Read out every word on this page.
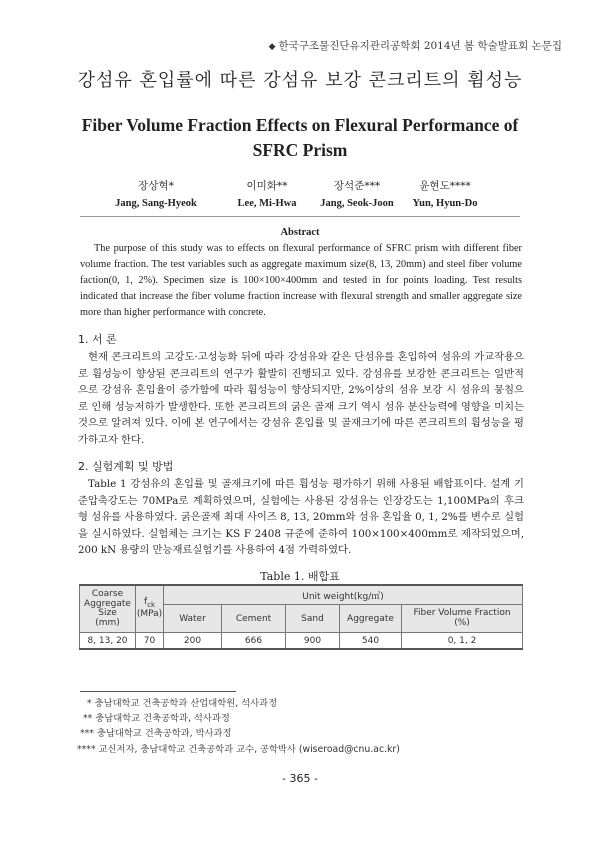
◆ 한국구조물진단유지관리공학회 2014년 봄 학술발표회 논문집
강섬유 혼입률에 따른 강섬유 보강 콘크리트의 휨성능
Fiber Volume Fraction Effects on Flexural Performance of
SFRC Prism
장상혁*
Jang, Sang-Hyeok
이미화**
Lee, Mi-Hwa
장석준***
Jang, Seok-Joon
윤현도****
Yun, Hyun-Do
Abstract
The purpose of this study was to effects on flexural performance of SFRC prism with different fiber volume fraction. The test variables such as aggregate maximum size(8, 13, 20mm) and steel fiber volume faction(0, 1, 2%). Specimen size is 100×100×400mm and tested in for points loading. Test results indicated that increase the fiber volume fraction increase with flexural strength and smaller aggregate size more than higher performance with concrete.
1. 서 론
현재 콘크리트의 고강도·고성능화 뒤에 따라 강섬유와 같은 단섬유를 혼입하여 섬유의 가교작용으로 휨성능이 향상된 콘크리트의 연구가 활발히 진행되고 있다. 강섬유를 보강한 콘크리트는 일반적으로 강섬유 혼입율이 증가함에 따라 휨성능이 향상되지만, 2%이상의 섬유 보강 시 섬유의 뭉침으로 인해 성능저하가 발생한다. 또한 콘크리트의 굵은 골재 크기 역시 섬유 분산능력에 영향을 미치는 것으로 알려져 있다. 이에 본 연구에서는 강섬유 혼입률 및 골재크기에 따른 콘크리트의 휨성능을 평가하고자 한다.
2. 실험계획 및 방법
Table 1 강섬유의 혼입률 및 골재크기에 따른 휨성능 평가하기 위해 사용된 배합표이다. 설계 기준압축강도는 70MPa로 계획하였으며, 실험에는 사용된 강섬유는 인장강도는 1,100MPa의 후크형 섬유를 사용하였다. 굵은골재 최대 사이즈 8, 13, 20mm와 섬유 혼입율 0, 1, 2%를 변수로 실험을 실시하였다. 실험체는 크기는 KS F 2408 규준에 준하여 100×100×400mm로 제작되었으며, 200 kN 용량의 만능재료실험기를 사용하여 4점 가력하였다.
Table 1. 배합표
Coarse
Aggregate
Size
(mm)	$f_{ck}$
(MPa)	Unit weight(kg/㎥)				
		Water	Cement	Sand	Aggregate	Fiber Volume Fraction
(%)

8, 13, 20	70	200	666	900	540	0, 1, 2
* 충남대학교 건축공학과 산업대학원, 석사과정
** 충남대학교 건축공학과, 석사과정
*** 충남대학교 건축공학과, 박사과정
**** 교신저자, 충남대학교 건축공학과 교수, 공학박사 (wiseroad@cnu.ac.kr)
- 365 -
